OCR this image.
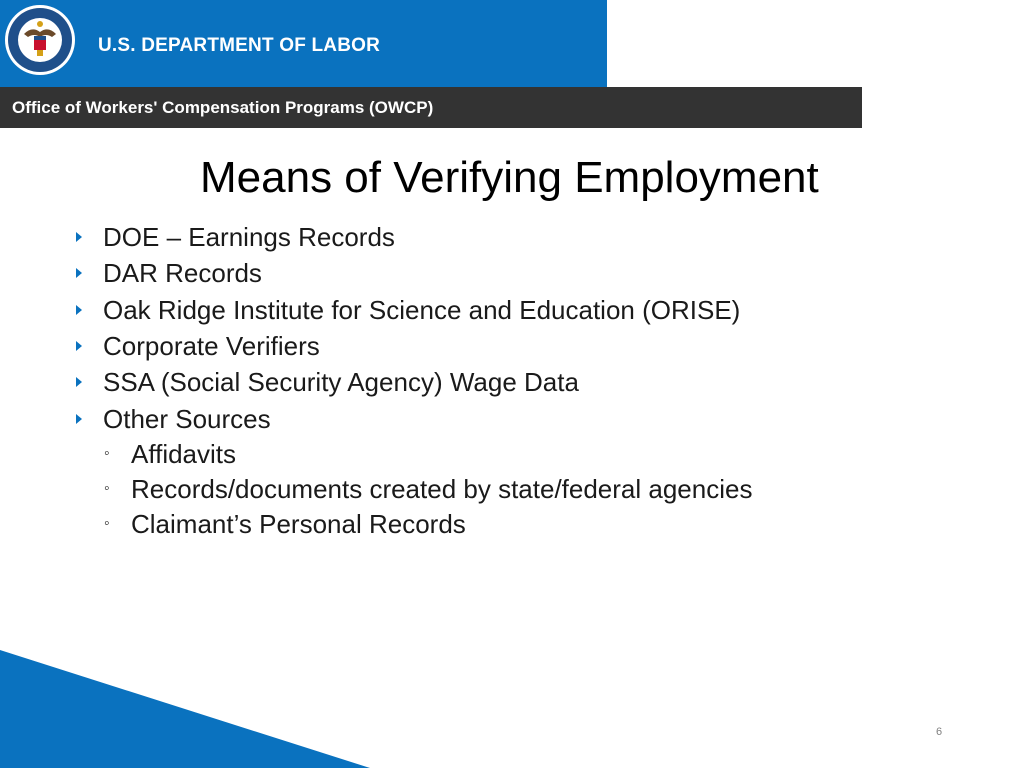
U.S. DEPARTMENT OF LABOR
Office of Workers' Compensation Programs (OWCP)
Means of Verifying Employment
DOE – Earnings Records
DAR Records
Oak Ridge Institute for Science and Education (ORISE)
Corporate Verifiers
SSA (Social Security Agency) Wage Data
Other Sources
◦ Affidavits
◦ Records/documents created by state/federal agencies
◦ Claimant’s Personal Records
6
